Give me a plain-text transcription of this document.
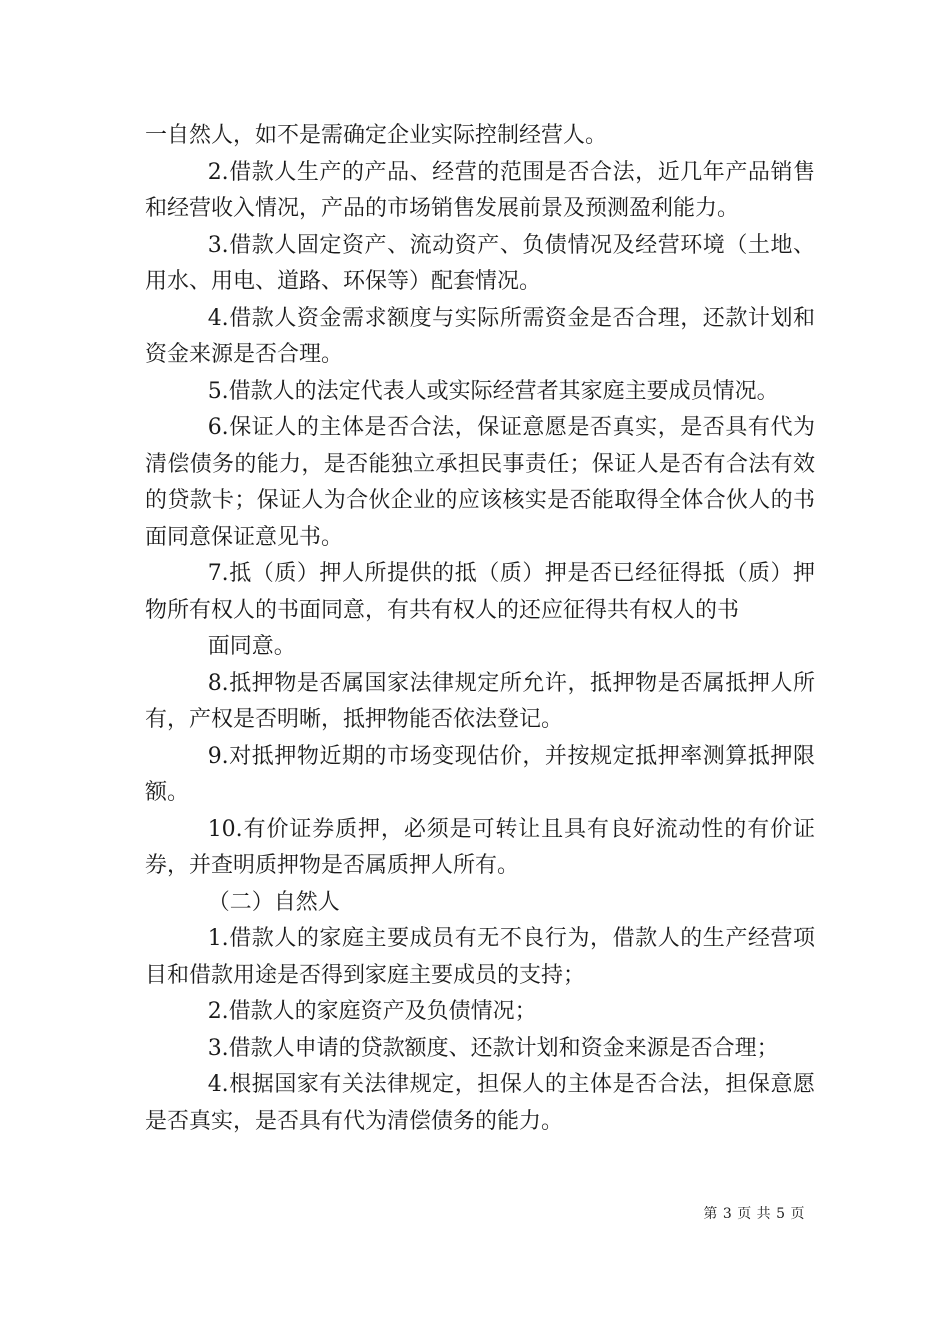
一自然人，如不是需确定企业实际控制经营人。

2.借款人生产的产品、经营的范围是否合法，近几年产品销售和经营收入情况，产品的市场销售发展前景及预测盈利能力。

3.借款人固定资产、流动资产、负债情况及经营环境（土地、用水、用电、道路、环保等）配套情况。

4.借款人资金需求额度与实际所需资金是否合理，还款计划和资金来源是否合理。

5.借款人的法定代表人或实际经营者其家庭主要成员情况。

6.保证人的主体是否合法，保证意愿是否真实，是否具有代为清偿债务的能力，是否能独立承担民事责任；保证人是否有合法有效的贷款卡；保证人为合伙企业的应该核实是否能取得全体合伙人的书面同意保证意见书。

7.抵（质）押人所提供的抵（质）押是否已经征得抵（质）押物所有权人的书面同意，有共有权人的还应征得共有权人的书

面同意。

8.抵押物是否属国家法律规定所允许，抵押物是否属抵押人所有，产权是否明晰，抵押物能否依法登记。

9.对抵押物近期的市场变现估价，并按规定抵押率测算抵押限额。

10.有价证券质押，必须是可转让且具有良好流动性的有价证券，并查明质押物是否属质押人所有。

（二）自然人

1.借款人的家庭主要成员有无不良行为，借款人的生产经营项目和借款用途是否得到家庭主要成员的支持；

2.借款人的家庭资产及负债情况；

3.借款人申请的贷款额度、还款计划和资金来源是否合理；

4.根据国家有关法律规定，担保人的主体是否合法，担保意愿是否真实，是否具有代为清偿债务的能力。

第 3 页 共 5 页
